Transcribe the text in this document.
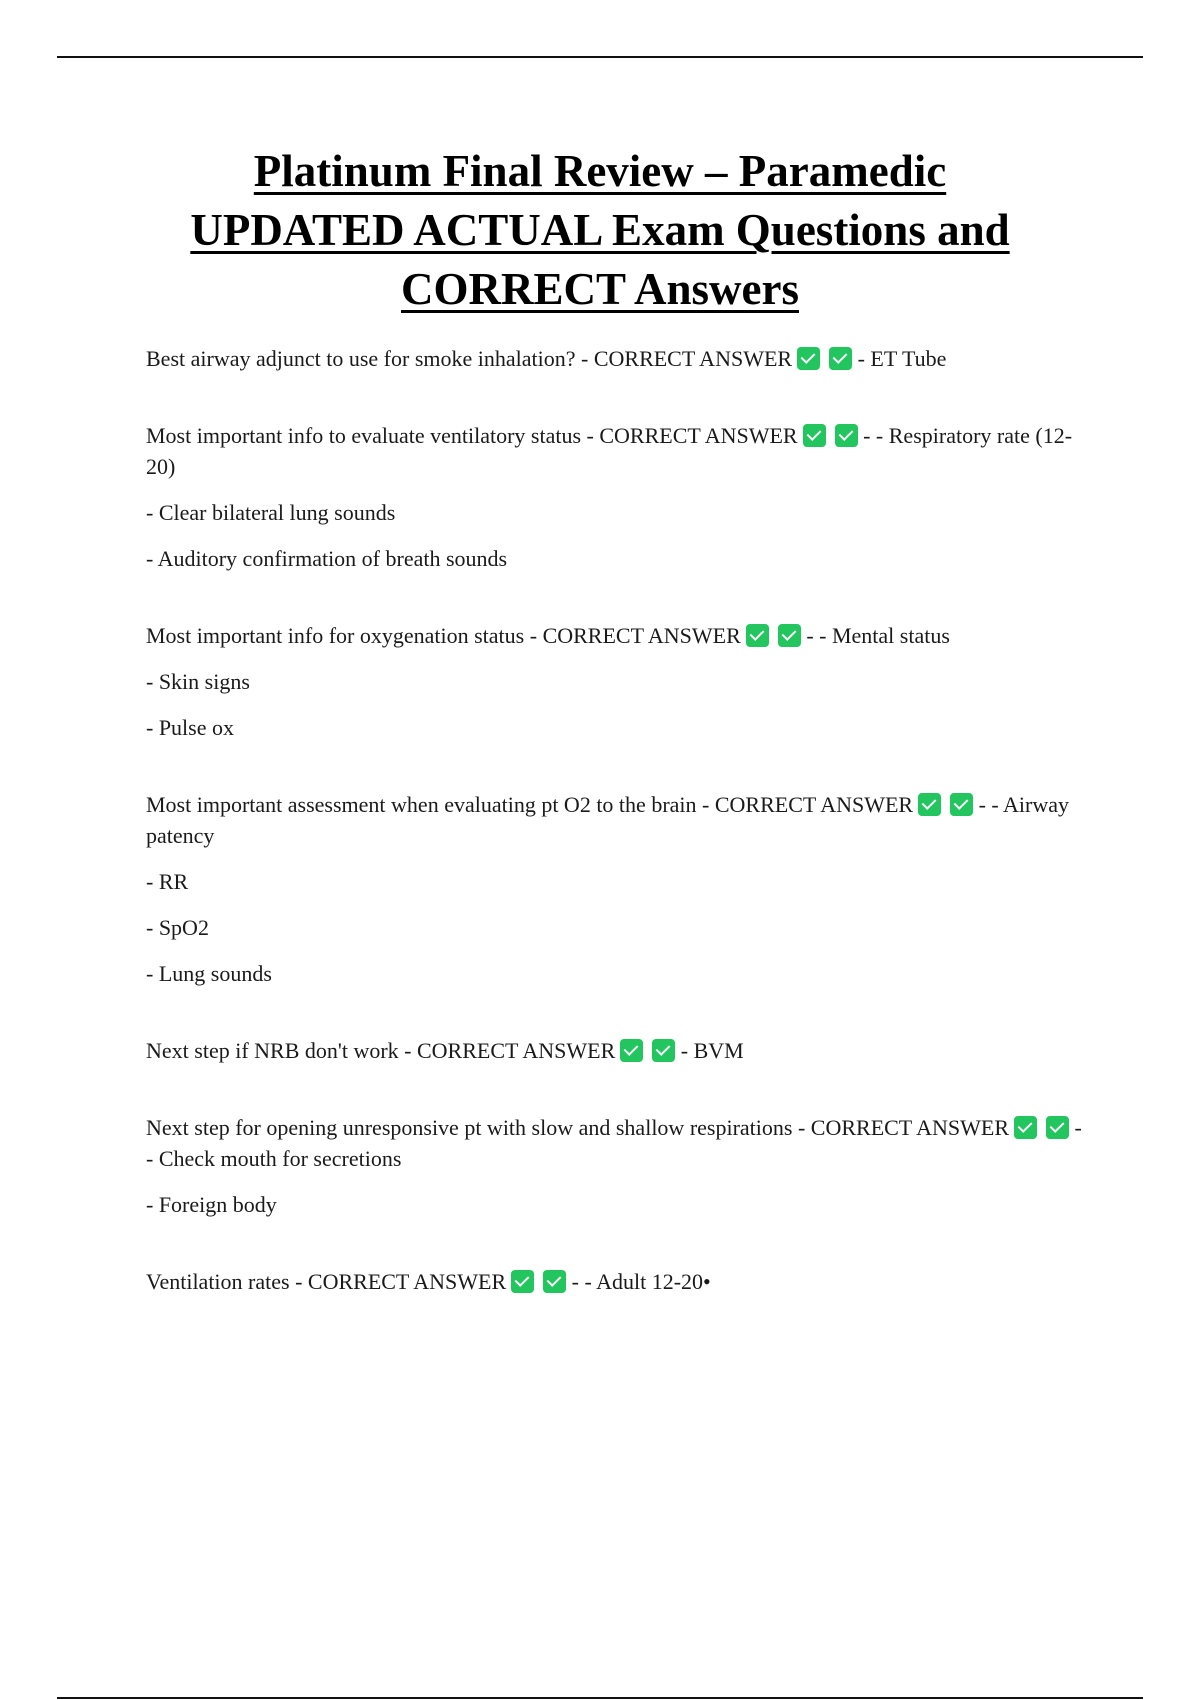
Platinum Final Review – Paramedic
UPDATED ACTUAL Exam Questions and
CORRECT Answers

Best airway adjunct to use for smoke inhalation? - CORRECT ANSWER	- ET Tube

Most important info to evaluate ventilatory status - CORRECT ANSWER	- - Respiratory rate (12-20)

- Clear bilateral lung sounds

- Auditory confirmation of breath sounds

Most important info for oxygenation status - CORRECT ANSWER	- - Mental status

- Skin signs

- Pulse ox

Most important assessment when evaluating pt O2 to the brain - CORRECT ANSWER	- - Airway patency

- RR

- SpO2

- Lung sounds

Next step if NRB don't work - CORRECT ANSWER	- BVM

Next step for opening unresponsive pt with slow and shallow respirations - CORRECT ANSWER	- - Check mouth for secretions

- Foreign body

Ventilation rates - CORRECT ANSWER	- - Adult 12-20•
